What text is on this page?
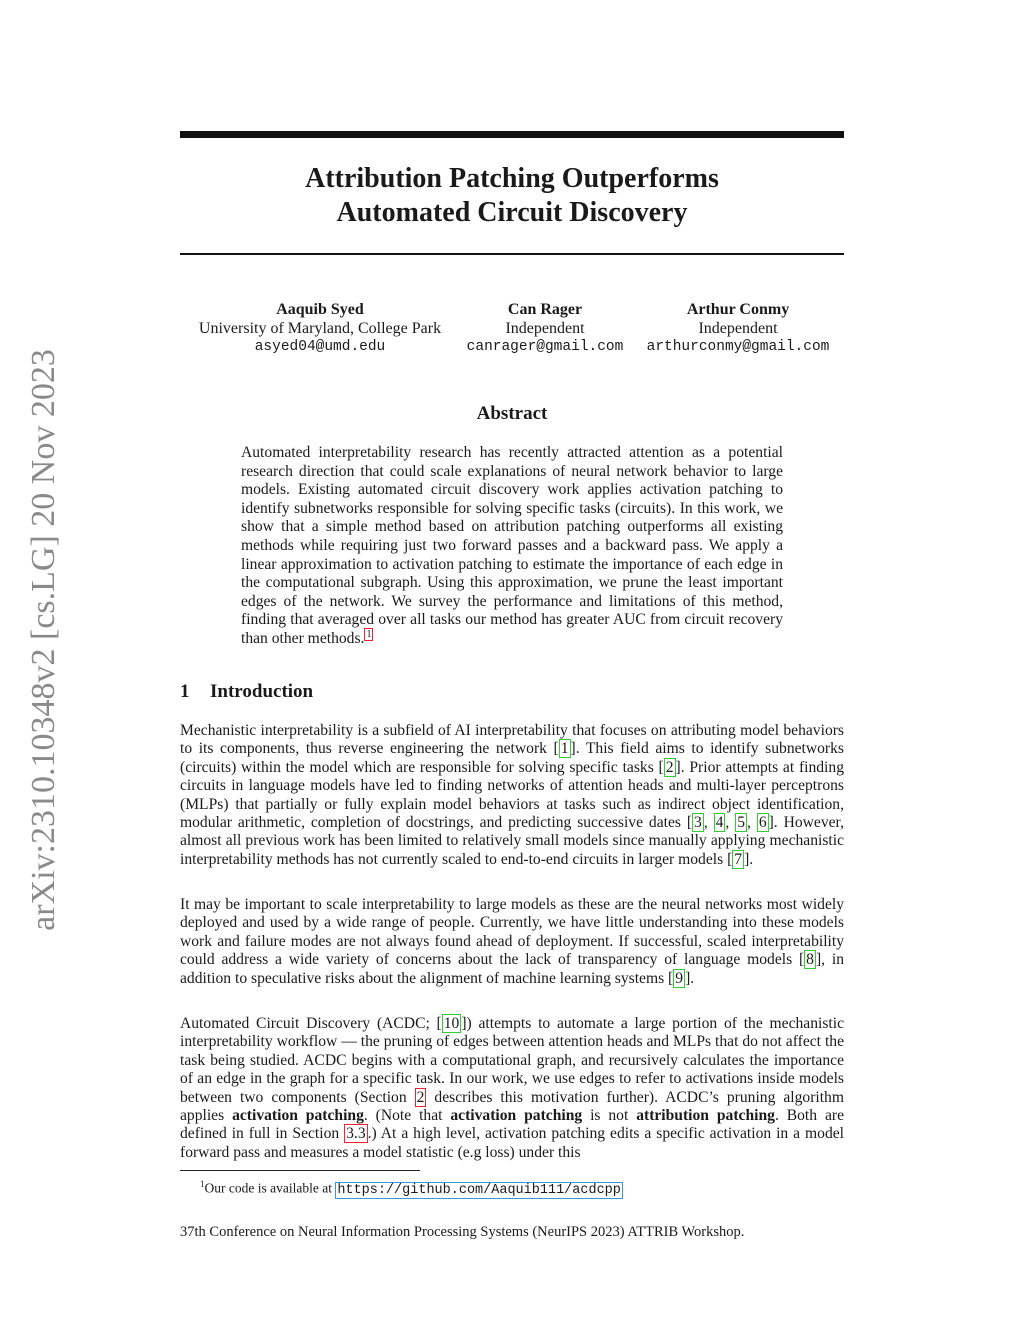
arXiv:2310.10348v2 [cs.LG] 20 Nov 2023
Attribution Patching Outperforms
Automated Circuit Discovery
Aaquib Syed
University of Maryland, College Park
asyed04@umd.edu
Can Rager
Independent
canrager@gmail.com
Arthur Conmy
Independent
arthurconmy@gmail.com
Abstract
Automated interpretability research has recently attracted attention as a potential research direction that could scale explanations of neural network behavior to large models. Existing automated circuit discovery work applies activation patching to identify subnetworks responsible for solving specific tasks (circuits). In this work, we show that a simple method based on attribution patching outperforms all existing methods while requiring just two forward passes and a backward pass. We apply a linear approximation to activation patching to estimate the importance of each edge in the computational subgraph. Using this approximation, we prune the least important edges of the network. We survey the performance and limitations of this method, finding that averaged over all tasks our method has greater AUC from circuit recovery than other methods. $^1$
1 Introduction
Mechanistic interpretability is a subfield of AI interpretability that focuses on attributing model behaviors to its components, thus reverse engineering the network [ 1 ]. This field aims to identify subnetworks (circuits) within the model which are responsible for solving specific tasks [ 2 ]. Prior attempts at finding circuits in language models have led to finding networks of attention heads and multi-layer perceptrons (MLPs) that partially or fully explain model behaviors at tasks such as indirect object identification, modular arithmetic, completion of docstrings, and predicting successive dates [ 3 , 4 , 5 , 6 ]. However, almost all previous work has been limited to relatively small models since manually applying mechanistic interpretability methods has not currently scaled to end-to-end circuits in larger models [ 7 ].
It may be important to scale interpretability to large models as these are the neural networks most widely deployed and used by a wide range of people. Currently, we have little understanding into these models work and failure modes are not always found ahead of deployment. If successful, scaled interpretability could address a wide variety of concerns about the lack of transparency of language models [ 8 ], in addition to speculative risks about the alignment of machine learning systems [ 9 ].
Automated Circuit Discovery (ACDC; [ 10 ]) attempts to automate a large portion of the mechanistic interpretability workflow — the pruning of edges between attention heads and MLPs that do not affect the task being studied. ACDC begins with a computational graph, and recursively calculates the importance of an edge in the graph for a specific task. In our work, we use edges to refer to activations inside models between two components (Section 2 describes this motivation further). ACDC’s pruning algorithm applies activation patching. (Note that activation patching is not attribution patching. Both are defined in full in Section 3.3 .) At a high level, activation patching edits a specific activation in a model forward pass and measures a model statistic (e.g loss) under this
$^1$Our code is available at https://github.com/Aaquib111/acdcpp
37th Conference on Neural Information Processing Systems (NeurIPS 2023) ATTRIB Workshop.
